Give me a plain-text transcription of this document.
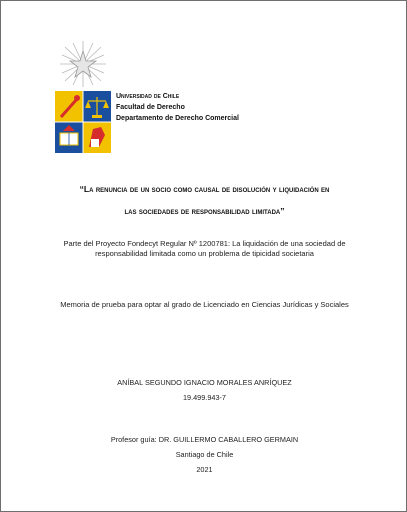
Universidad de Chile
Facultad de Derecho
Departamento de Derecho Comercial
“La renuncia de un socio como causal de disolución y liquidación en
las sociedades de responsabilidad limitada”
Parte del Proyecto Fondecyt Regular Nº 1200781: La liquidación de una sociedad de
responsabilidad limitada como un problema de tipicidad societaria
Memoria de prueba para optar al grado de Licenciado en Ciencias Jurídicas y Sociales
ANÍBAL SEGUNDO IGNACIO MORALES ANRÍQUEZ
19.499.943-7
Profesor guía: DR. GUILLERMO CABALLERO GERMAIN
Santiago de Chile
2021
